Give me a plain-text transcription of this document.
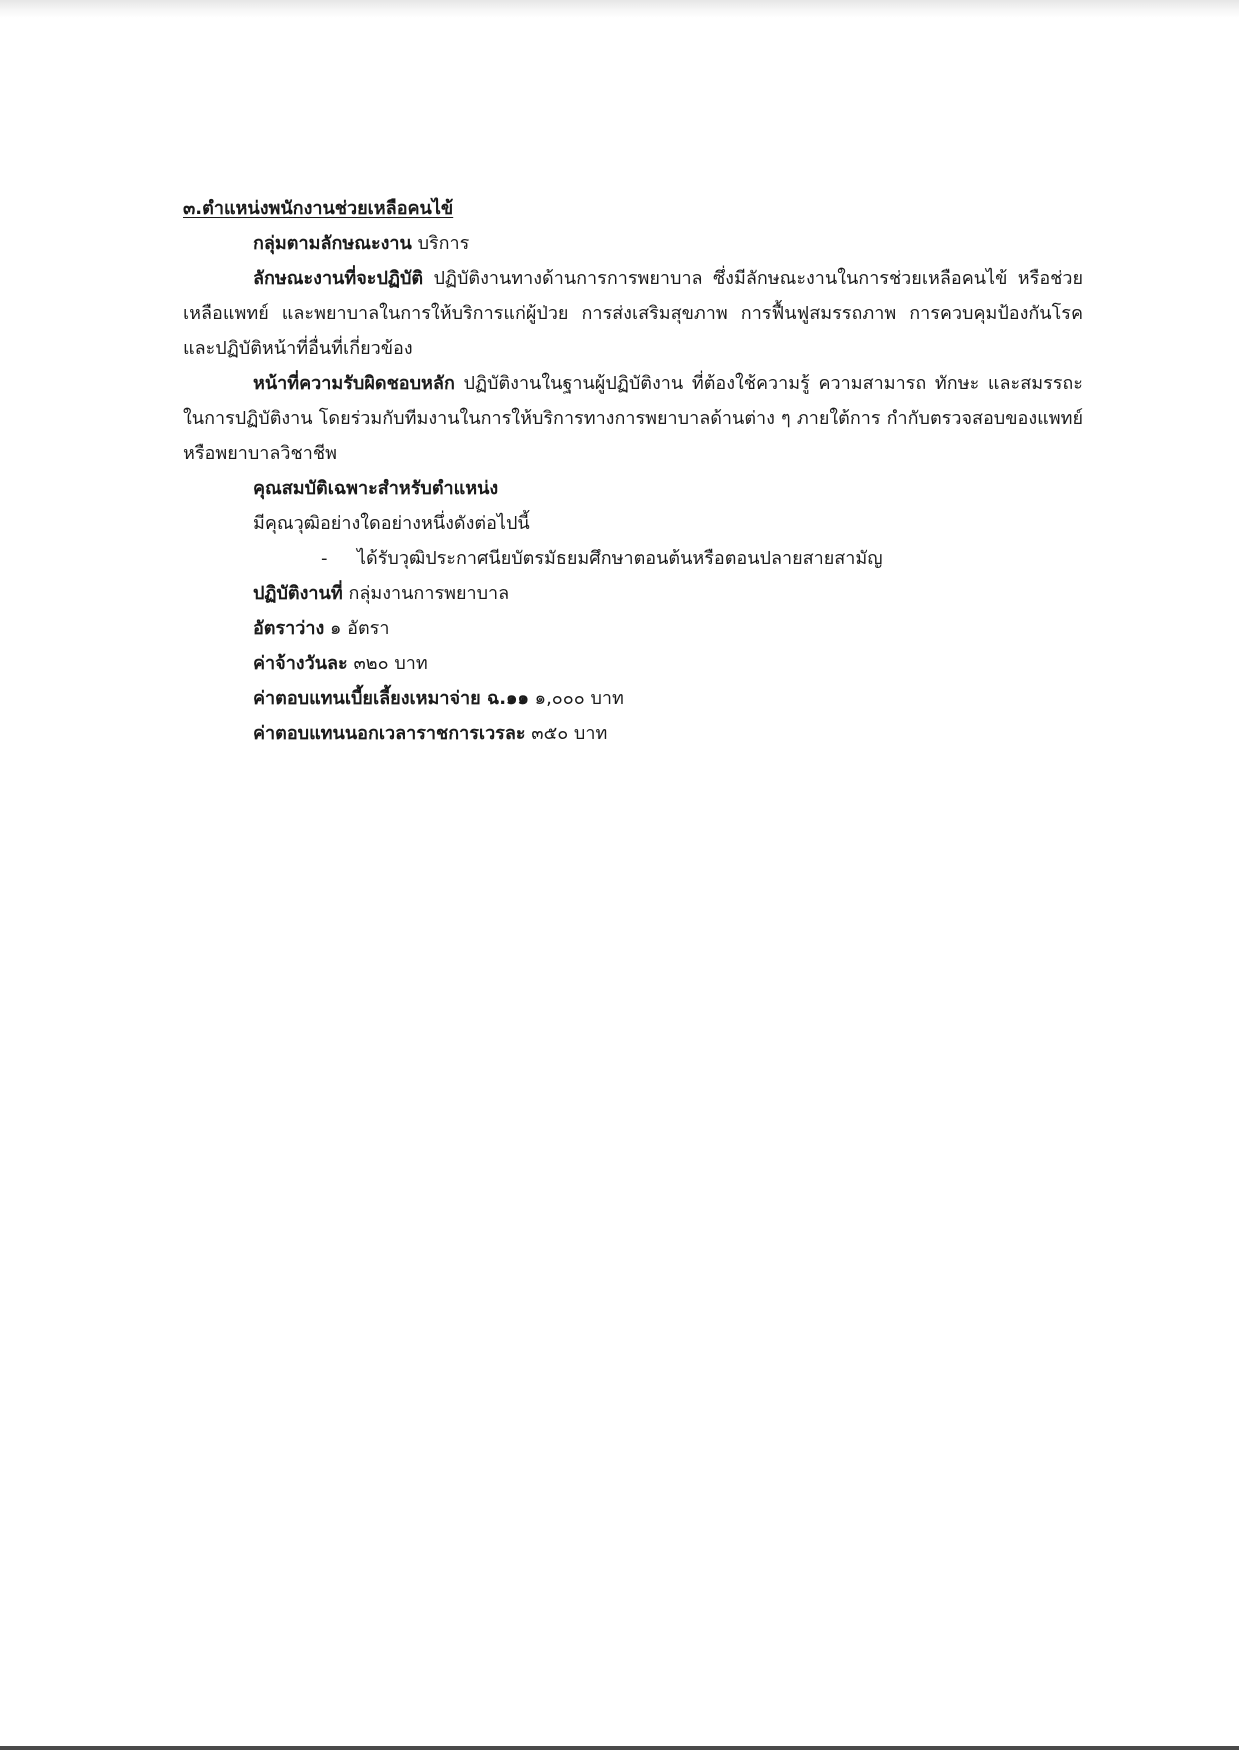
๓.ตำแหน่งพนักงานช่วยเหลือคนไข้
กลุ่มตามลักษณะงาน บริการ
ลักษณะงานที่จะปฏิบัติ ปฏิบัติงานทางด้านการการพยาบาล ซึ่งมีลักษณะงานในการช่วยเหลือคนไข้ หรือช่วยเหลือแพทย์ และพยาบาลในการให้บริการแก่ผู้ป่วย การส่งเสริมสุขภาพ การฟื้นฟูสมรรถภาพ การควบคุมป้องกันโรค และปฏิบัติหน้าที่อื่นที่เกี่ยวข้อง
หน้าที่ความรับผิดชอบหลัก ปฏิบัติงานในฐานผู้ปฏิบัติงาน ที่ต้องใช้ความรู้ ความสามารถ ทักษะ และสมรรถะในการปฏิบัติงาน โดยร่วมกับทีมงานในการให้บริการทางการพยาบาลด้านต่าง ๆ ภายใต้การ กำกับตรวจสอบของแพทย์ หรือพยาบาลวิชาชีพ
คุณสมบัติเฉพาะสำหรับตำแหน่ง
มีคุณวุฒิอย่างใดอย่างหนึ่งดังต่อไปนี้
- ได้รับวุฒิประกาศนียบัตรมัธยมศึกษาตอนต้นหรือตอนปลายสายสามัญ
ปฏิบัติงานที่ กลุ่มงานการพยาบาล
อัตราว่าง ๑ อัตรา
ค่าจ้างวันละ ๓๒๐ บาท
ค่าตอบแทนเบี้ยเลี้ยงเหมาจ่าย ฉ.๑๑ ๑,๐๐๐ บาท
ค่าตอบแทนนอกเวลาราชการเวรละ ๓๕๐ บาท
